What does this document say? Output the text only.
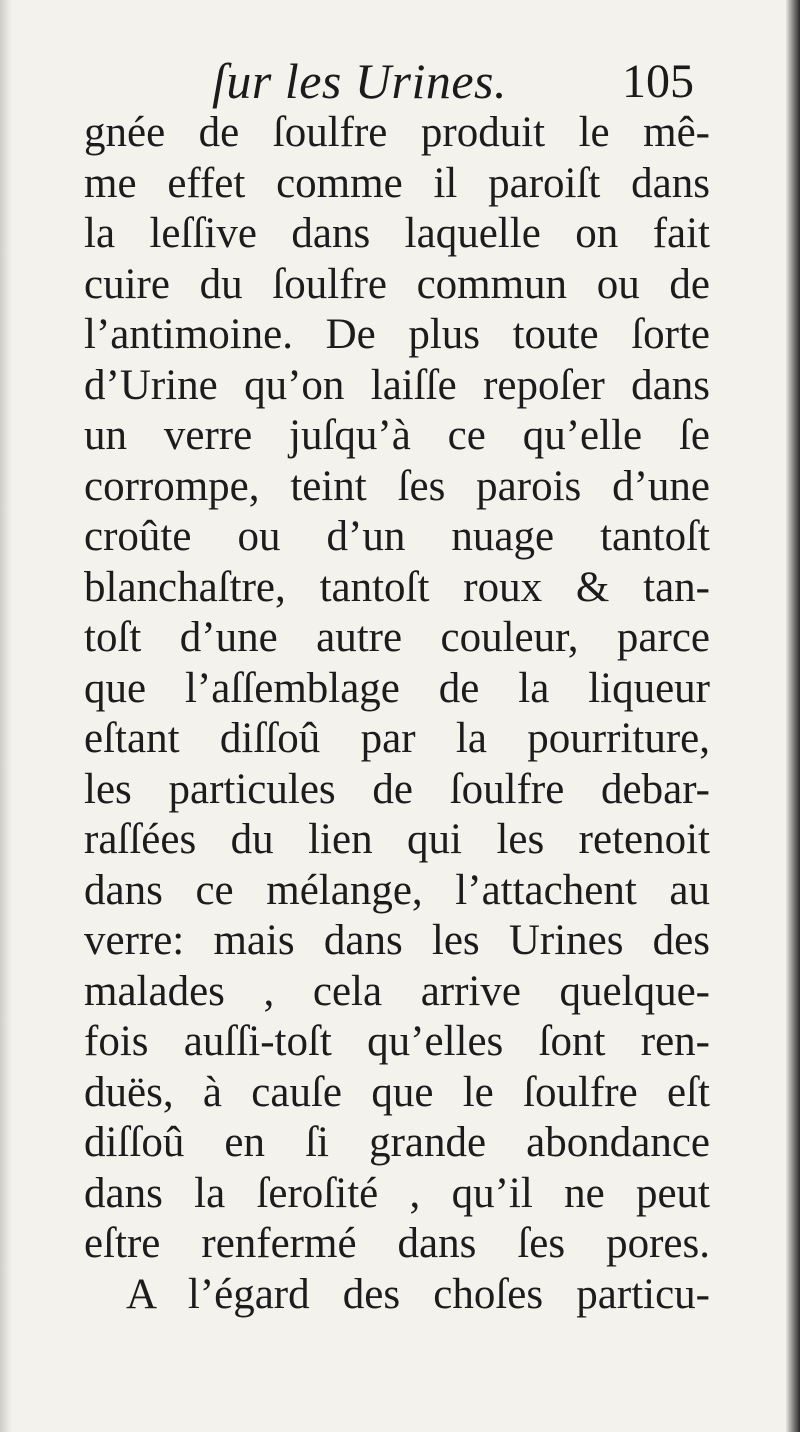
ſur les Urines. 105
gnée de ſoulfre produit le mê-
me effet comme il paroiſt dans
la leſſive dans laquelle on fait
cuire du ſoulfre commun ou de
l’antimoine. De plus toute ſorte
d’Urine qu’on laiſſe repoſer dans
un verre juſqu’à ce qu’elle ſe
corrompe, teint ſes parois d’une
croûte ou d’un nuage tantoſt
blanchaſtre, tantoſt roux & tan-
toſt d’une autre couleur, parce
que l’aſſemblage de la liqueur
eſtant diſſoû par la pourriture,
les particules de ſoulfre debar-
raſſées du lien qui les retenoit
dans ce mélange, l’attachent au
verre: mais dans les Urines des
malades , cela arrive quelque-
fois auſſi-toſt qu’elles ſont ren-
duës, à cauſe que le ſoulfre eſt
diſſoû en ſi grande abondance
dans la ſeroſité , qu’il ne peut
eſtre renfermé dans ſes pores.
A l’égard des choſes particu-
